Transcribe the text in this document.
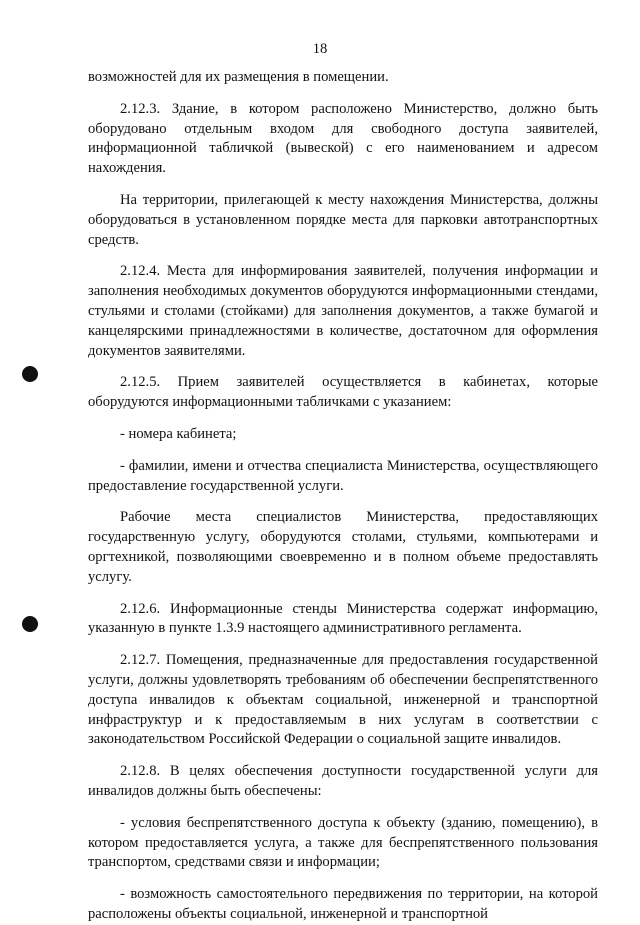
18

возможностей для их размещения в помещении.

2.12.3. Здание, в котором расположено Министерство, должно быть оборудовано отдельным входом для свободного доступа заявителей, информационной табличкой (вывеской) с его наименованием и адресом нахождения.

На территории, прилегающей к месту нахождения Министерства, должны оборудоваться в установленном порядке места для парковки автотранспортных средств.

2.12.4. Места для информирования заявителей, получения информации и заполнения необходимых документов оборудуются информационными стендами, стульями и столами (стойками) для заполнения документов, а также бумагой и канцелярскими принадлежностями в количестве, достаточном для оформления документов заявителями.

2.12.5. Прием заявителей осуществляется в кабинетах, которые оборудуются информационными табличками с указанием:

- номера кабинета;

- фамилии, имени и отчества специалиста Министерства, осуществляющего предоставление государственной услуги.

Рабочие места специалистов Министерства, предоставляющих государственную услугу, оборудуются столами, стульями, компьютерами и оргтехникой, позволяющими своевременно и в полном объеме предоставлять услугу.

2.12.6. Информационные стенды Министерства содержат информацию, указанную в пункте 1.3.9 настоящего административного регламента.

2.12.7. Помещения, предназначенные для предоставления государственной услуги, должны удовлетворять требованиям об обеспечении беспрепятственного доступа инвалидов к объектам социальной, инженерной и транспортной инфраструктур и к предоставляемым в них услугам в соответствии с законодательством Российской Федерации о социальной защите инвалидов.

2.12.8. В целях обеспечения доступности государственной услуги для инвалидов должны быть обеспечены:

- условия беспрепятственного доступа к объекту (зданию, помещению), в котором предоставляется услуга, а также для беспрепятственного пользования транспортом, средствами связи и информации;

- возможность самостоятельного передвижения по территории, на которой расположены объекты социальной, инженерной и транспортной
